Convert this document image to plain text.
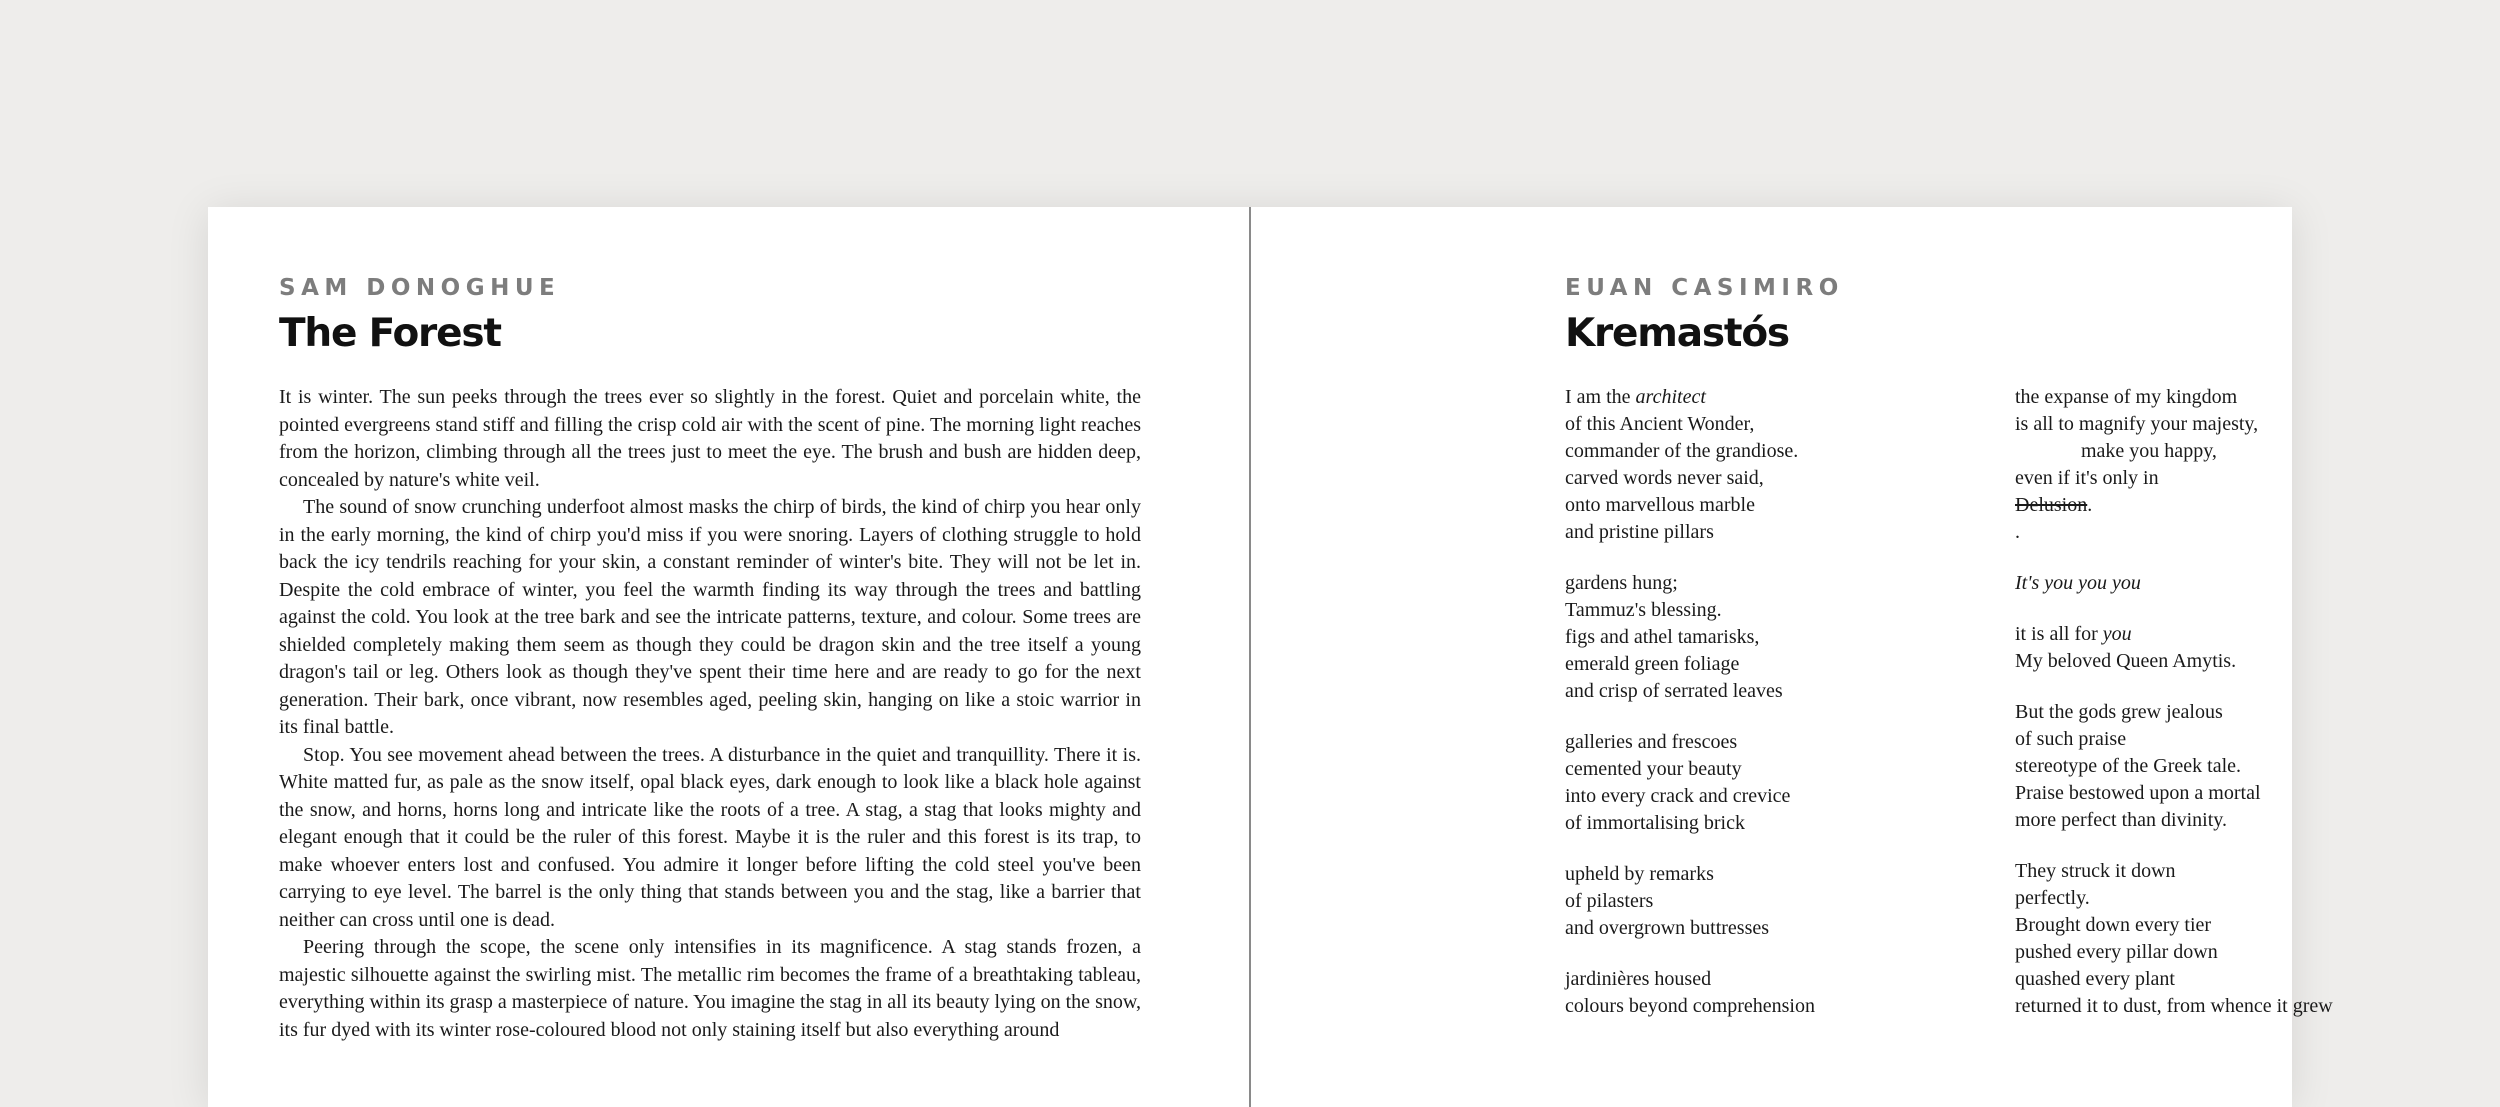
SAM DONOGHUE
The Forest

It is winter. The sun peeks through the trees ever so slightly in the forest. Quiet and porcelain white, the pointed evergreens stand stiff and filling the crisp cold air with the scent of pine. The morning light reaches from the horizon, climbing through all the trees just to meet the eye. The brush and bush are hidden deep, concealed by nature's white veil.

The sound of snow crunching underfoot almost masks the chirp of birds, the kind of chirp you hear only in the early morning, the kind of chirp you'd miss if you were snoring. Layers of clothing struggle to hold back the icy tendrils reaching for your skin, a constant reminder of winter's bite. They will not be let in. Despite the cold embrace of winter, you feel the warmth finding its way through the trees and battling against the cold. You look at the tree bark and see the intricate patterns, texture, and colour. Some trees are shielded completely making them seem as though they could be dragon skin and the tree itself a young dragon's tail or leg. Others look as though they've spent their time here and are ready to go for the next generation. Their bark, once vibrant, now resembles aged, peeling skin, hanging on like a stoic warrior in its final battle.

Stop. You see movement ahead between the trees. A disturbance in the quiet and tranquillity. There it is. White matted fur, as pale as the snow itself, opal black eyes, dark enough to look like a black hole against the snow, and horns, horns long and intricate like the roots of a tree. A stag, a stag that looks mighty and elegant enough that it could be the ruler of this forest. Maybe it is the ruler and this forest is its trap, to make whoever enters lost and confused. You admire it longer before lifting the cold steel you've been carrying to eye level. The barrel is the only thing that stands between you and the stag, like a barrier that neither can cross until one is dead.

Peering through the scope, the scene only intensifies in its magnificence. A stag stands frozen, a majestic silhouette against the swirling mist. The metallic rim becomes the frame of a breathtaking tableau, everything within its grasp a masterpiece of nature. You imagine the stag in all its beauty lying on the snow, its fur dyed with its winter rose-coloured blood not only staining itself but also everything around

EUAN CASIMIRO
Kremastós
I am the architect
of this Ancient Wonder,
commander of the grandiose.
carved words never said,
onto marvellous marble
and pristine pillars
gardens hung;
Tammuz's blessing.
figs and athel tamarisks,
emerald green foliage
and crisp of serrated leaves
galleries and frescoes
cemented your beauty
into every crack and crevice
of immortalising brick
upheld by remarks
of pilasters
and overgrown buttresses
jardinières housed
colours beyond comprehension
the expanse of my kingdom
is all to magnify your majesty,
make you happy,
even if it's only in
Delusion.
.
It's you you you
it is all for you
My beloved Queen Amytis.
But the gods grew jealous
of such praise
stereotype of the Greek tale.
Praise bestowed upon a mortal
more perfect than divinity.
They struck it down
perfectly.
Brought down every tier
pushed every pillar down
quashed every plant
returned it to dust, from whence it grew
